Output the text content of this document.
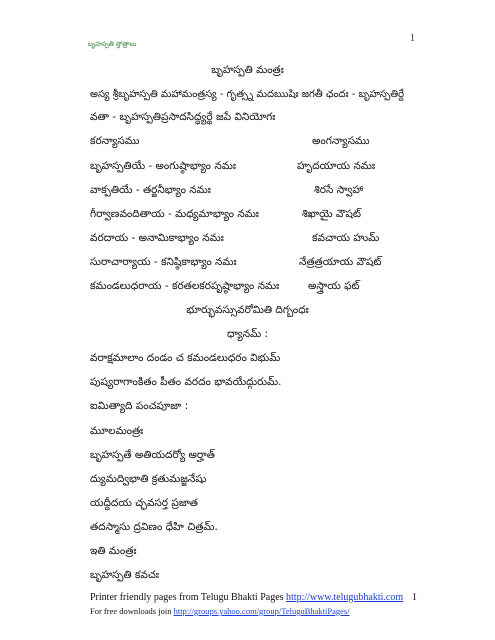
బృహస్పతి స్తోత్రాలు	1
బృహస్పతి మంత్రః
అస్య శ్రీబృహస్పతి మహామంత్రస్య - గృత్స్న మదఋషిః జగతీ ఛందః - బృహస్పతిర్దే
వతా - బృహస్పతిప్రసాదసిద్ధ్యర్థే జపే వినియోగః
కరన్యాసము	అంగన్యాసము
బృహస్పతియే - అంగుష్ఠాభ్యాం నమః	హృదయాయ నమః
వాక్పతియే - తర్జనీభ్యాం నమః	శిరసే స్వాహా
గీర్వాణవందితాయ - మధ్యమాభ్యాం నమః	శిఖాయై వౌషట్
వరదాయ - అనామికాభ్యాం నమః	కవచాయ హుమ్
సురాచార్యాయ - కనిష్ఠికాభ్యాం నమః	నేత్రత్రయాయ వౌషట్
కమండలుధరాయ - కరతలకరపృష్ఠాభ్యాం నమః	అస్త్రాయ ఫట్
భూర్భువస్సువరోమితి దిగ్బంధః
ధ్యానమ్ :
వరాక్షమాలాం దండం చ కమండలుధరం విభుమ్
పుష్యరాగాంకితం పీతం వరదం భావయేద్గురుమ్.
ఐమిత్యాది పంచపూజా :
మూలమంత్రః
బృహస్పతే అతియదర్యో అర్హాత్
ద్యుమద్విభాతి క్రతుమజ్జనేషు
యద్దీదయ చ్ఛవసర్త ప్రజాత
తదస్మాసు ద్రవిణం ధేహి చిత్రమ్.
ఇతి మంత్రః
బృహస్పతి కవచః
Printer friendly pages from Telugu Bhakti Pages http://www.telugubhakti.com
For free downloads join http://groups.yahoo.com/group/TeluguBhaktiPages/
1
